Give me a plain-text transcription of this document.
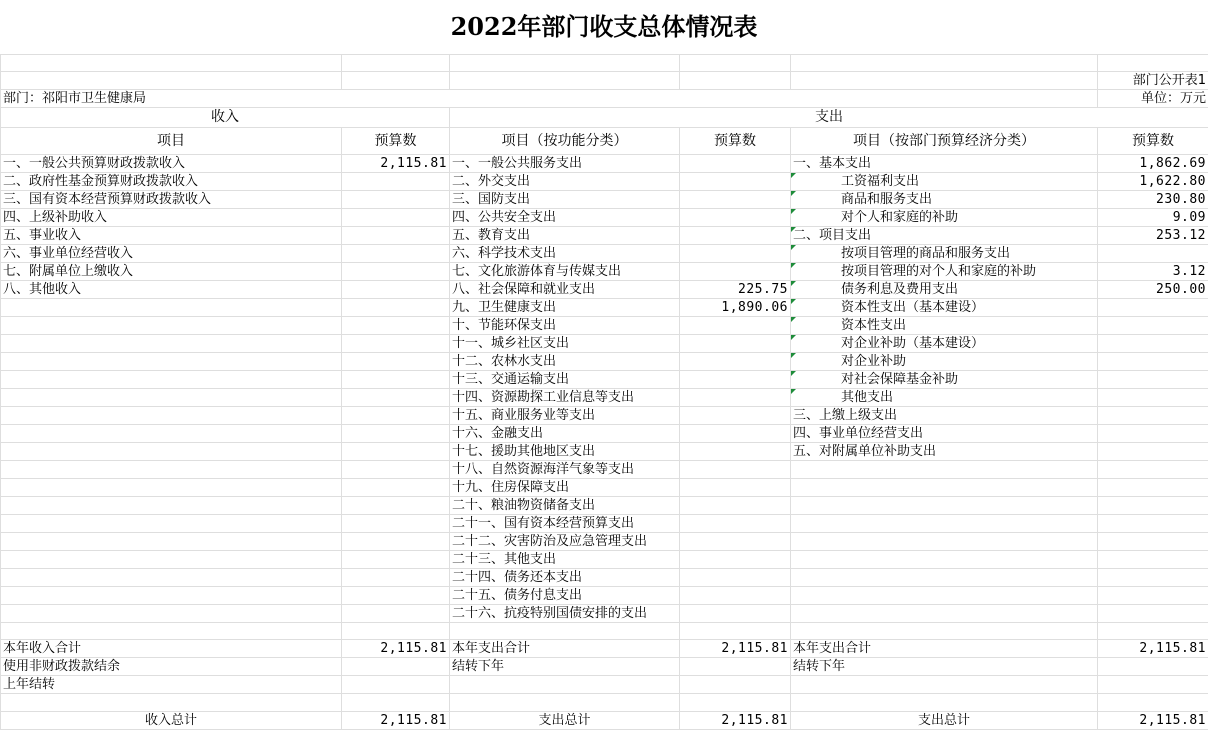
2022年部门收支总体情况表

					部门公开表1
部门：祁阳市卫生健康局					单位：万元
收入		支出			
项目	预算数	项目（按功能分类）	预算数	项目（按部门预算经济分类）	预算数
一、一般公共预算财政拨款收入	2,115.81	一、一般公共服务支出		一、基本支出	1,862.69
二、政府性基金预算财政拨款收入		二、外交支出		工资福利支出	1,622.80
三、国有资本经营预算财政拨款收入		三、国防支出		商品和服务支出	230.80
四、上级补助收入		四、公共安全支出		对个人和家庭的补助	9.09
五、事业收入		五、教育支出		二、项目支出	253.12
六、事业单位经营收入		六、科学技术支出		按项目管理的商品和服务支出	
七、附属单位上缴收入		七、文化旅游体育与传媒支出		按项目管理的对个人和家庭的补助	3.12
八、其他收入		八、社会保障和就业支出	225.75	债务利息及费用支出	250.00
		九、卫生健康支出	1,890.06	资本性支出（基本建设）	
		十、节能环保支出		资本性支出	
		十一、城乡社区支出		对企业补助（基本建设）	
		十二、农林水支出		对企业补助	
		十三、交通运输支出		对社会保障基金补助	
		十四、资源勘探工业信息等支出		其他支出	
		十五、商业服务业等支出		三、上缴上级支出	
		十六、金融支出		四、事业单位经营支出	
		十七、援助其他地区支出		五、对附属单位补助支出	
		十八、自然资源海洋气象等支出			
		十九、住房保障支出			
		二十、粮油物资储备支出			
		二十一、国有资本经营预算支出			
		二十二、灾害防治及应急管理支出			
		二十三、其他支出			
		二十四、债务还本支出			
		二十五、债务付息支出			
		二十六、抗疫特别国债安排的支出			

本年收入合计	2,115.81	本年支出合计	2,115.81	本年支出合计	2,115.81
使用非财政拨款结余		结转下年		结转下年	
上年结转					

收入总计	2,115.81	支出总计	2,115.81	支出总计	2,115.81
